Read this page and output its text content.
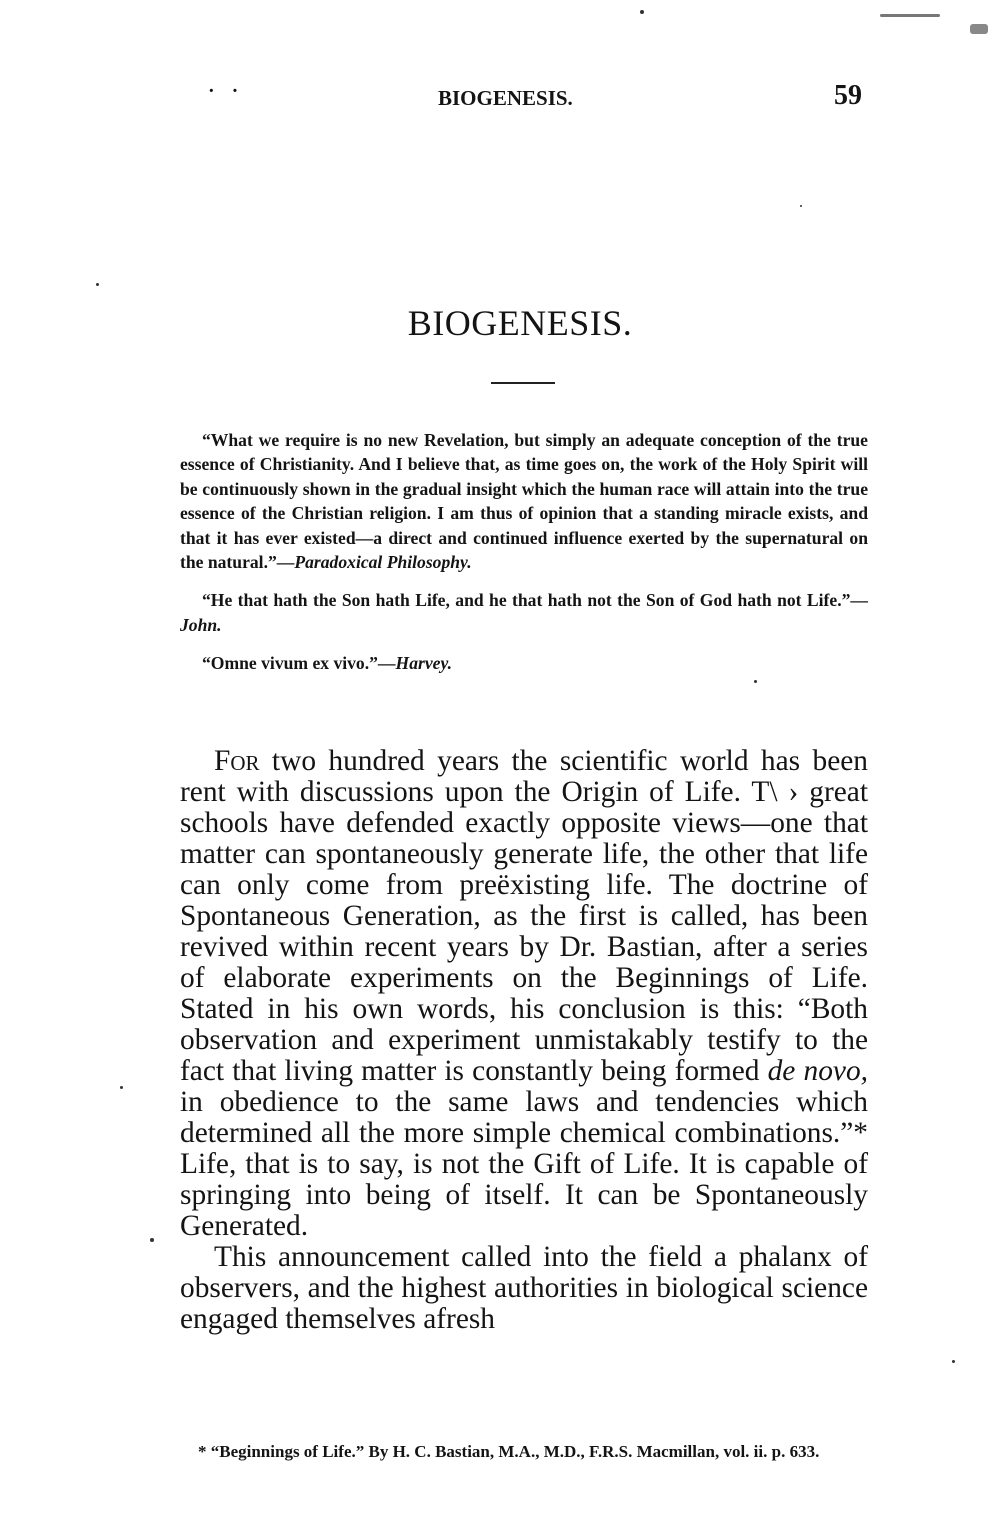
· ·	BIOGENESIS.	59
BIOGENESIS.

“What we require is no new Revelation, but simply an adequate conception of the true essence of Christianity. And I believe that, as time goes on, the work of the Holy Spirit will be continuously shown in the gradual insight which the human race will attain into the true essence of the Christian religion. I am thus of opinion that a standing miracle exists, and that it has ever existed—a direct and continued influence exerted by the supernatural on the natural.”—Paradoxical Philosophy.

“He that hath the Son hath Life, and he that hath not the Son of God hath not Life.”—John.

“Omne vivum ex vivo.”—Harvey.

For two hundred years the scientific world has been rent with discussions upon the Origin of Life. T\ › great schools have defended exactly opposite views—one that matter can spontaneously generate life, the other that life can only come from preëxisting life. The doctrine of Spontaneous Generation, as the first is called, has been revived within recent years by Dr. Bastian, after a series of elaborate experiments on the Beginnings of Life. Stated in his own words, his conclusion is this: “Both observation and experiment unmistakably testify to the fact that living matter is constantly being formed de novo, in obedience to the same laws and tendencies which determined all the more simple chemical combinations.”* Life, that is to say, is not the Gift of Life. It is capable of springing into being of itself. It can be Spontaneously Generated.

This announcement called into the field a phalanx of observers, and the highest authorities in biological science engaged themselves afresh

* “Beginnings of Life.” By H. C. Bastian, M.A., M.D., F.R.S. Macmillan, vol. ii. p. 633.
